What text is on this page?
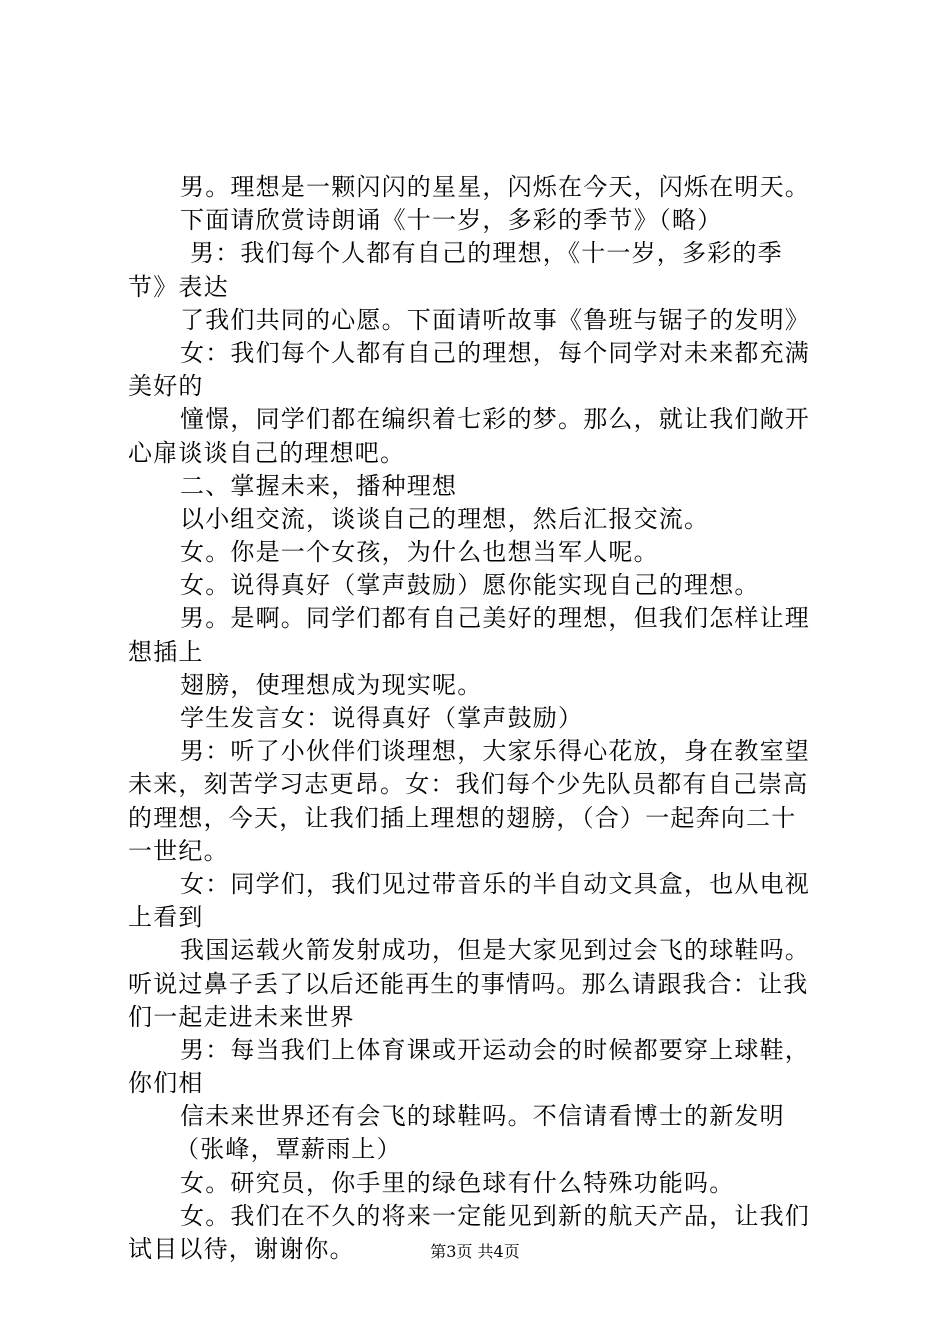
男。理想是一颗闪闪的星星，闪烁在今天，闪烁在明天。
下面请欣赏诗朗诵《十一岁，多彩的季节》（略）
男：我们每个人都有自己的理想，《十一岁，多彩的季
节》表达
了我们共同的心愿。下面请听故事《鲁班与锯子的发明》
女：我们每个人都有自己的理想，每个同学对未来都充满
美好的
憧憬，同学们都在编织着七彩的梦。那么，就让我们敞开
心扉谈谈自己的理想吧。
二、掌握未来，播种理想
以小组交流，谈谈自己的理想，然后汇报交流。
女。你是一个女孩，为什么也想当军人呢。
女。说得真好（掌声鼓励）愿你能实现自己的理想。
男。是啊。同学们都有自己美好的理想，但我们怎样让理
想插上
翅膀，使理想成为现实呢。
学生发言女：说得真好（掌声鼓励）
男：听了小伙伴们谈理想，大家乐得心花放，身在教室望
未来，刻苦学习志更昂。女：我们每个少先队员都有自己崇高
的理想，今天，让我们插上理想的翅膀，（合）一起奔向二十
一世纪。
女：同学们，我们见过带音乐的半自动文具盒，也从电视
上看到
我国运载火箭发射成功，但是大家见到过会飞的球鞋吗。
听说过鼻子丢了以后还能再生的事情吗。那么请跟我合：让我
们一起走进未来世界
男：每当我们上体育课或开运动会的时候都要穿上球鞋，
你们相
信未来世界还有会飞的球鞋吗。不信请看博士的新发明
（张峰，覃薪雨上）
女。研究员，你手里的绿色球有什么特殊功能吗。
女。我们在不久的将来一定能见到新的航天产品，让我们
试目以待，谢谢你。	第3页 共4页
